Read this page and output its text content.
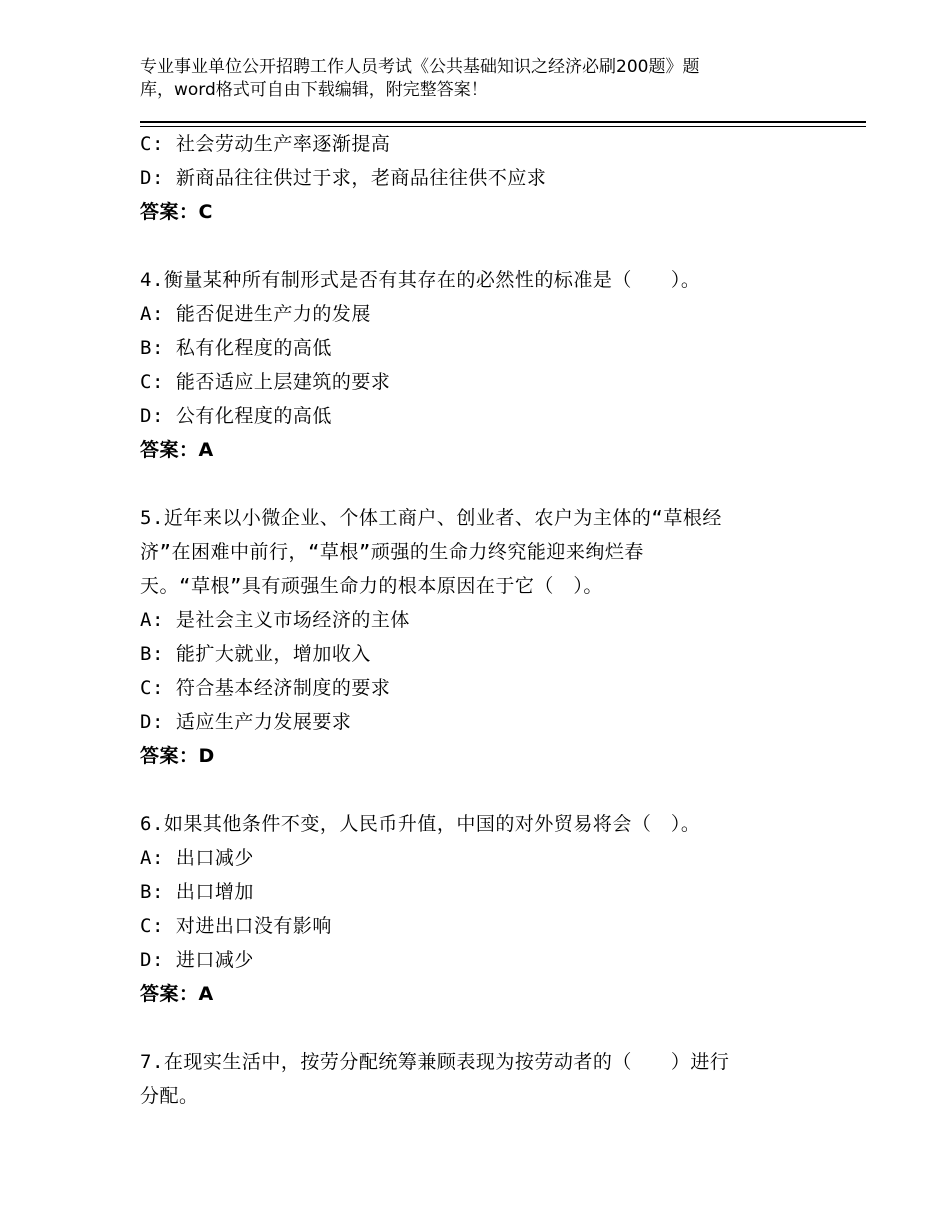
专业事业单位公开招聘工作人员考试《公共基础知识之经济必刷200题》题
库，word格式可自由下载编辑，附完整答案！
C: 社会劳动生产率逐渐提高
D: 新商品往往供过于求，老商品往往供不应求
答案：C
4.衡量某种所有制形式是否有其存在的必然性的标准是（　　）。
A: 能否促进生产力的发展
B: 私有化程度的高低
C: 能否适应上层建筑的要求
D: 公有化程度的高低
答案：A
5.近年来以小微企业、个体工商户、创业者、农户为主体的“草根经
济”在困难中前行，“草根”顽强的生命力终究能迎来绚烂春
天。“草根”具有顽强生命力的根本原因在于它（　）。
A: 是社会主义市场经济的主体
B: 能扩大就业，增加收入
C: 符合基本经济制度的要求
D: 适应生产力发展要求
答案：D
6.如果其他条件不变，人民币升值，中国的对外贸易将会（　）。
A: 出口减少
B: 出口增加
C: 对进出口没有影响
D: 进口减少
答案：A
7.在现实生活中，按劳分配统筹兼顾表现为按劳动者的（　　）进行
分配。
